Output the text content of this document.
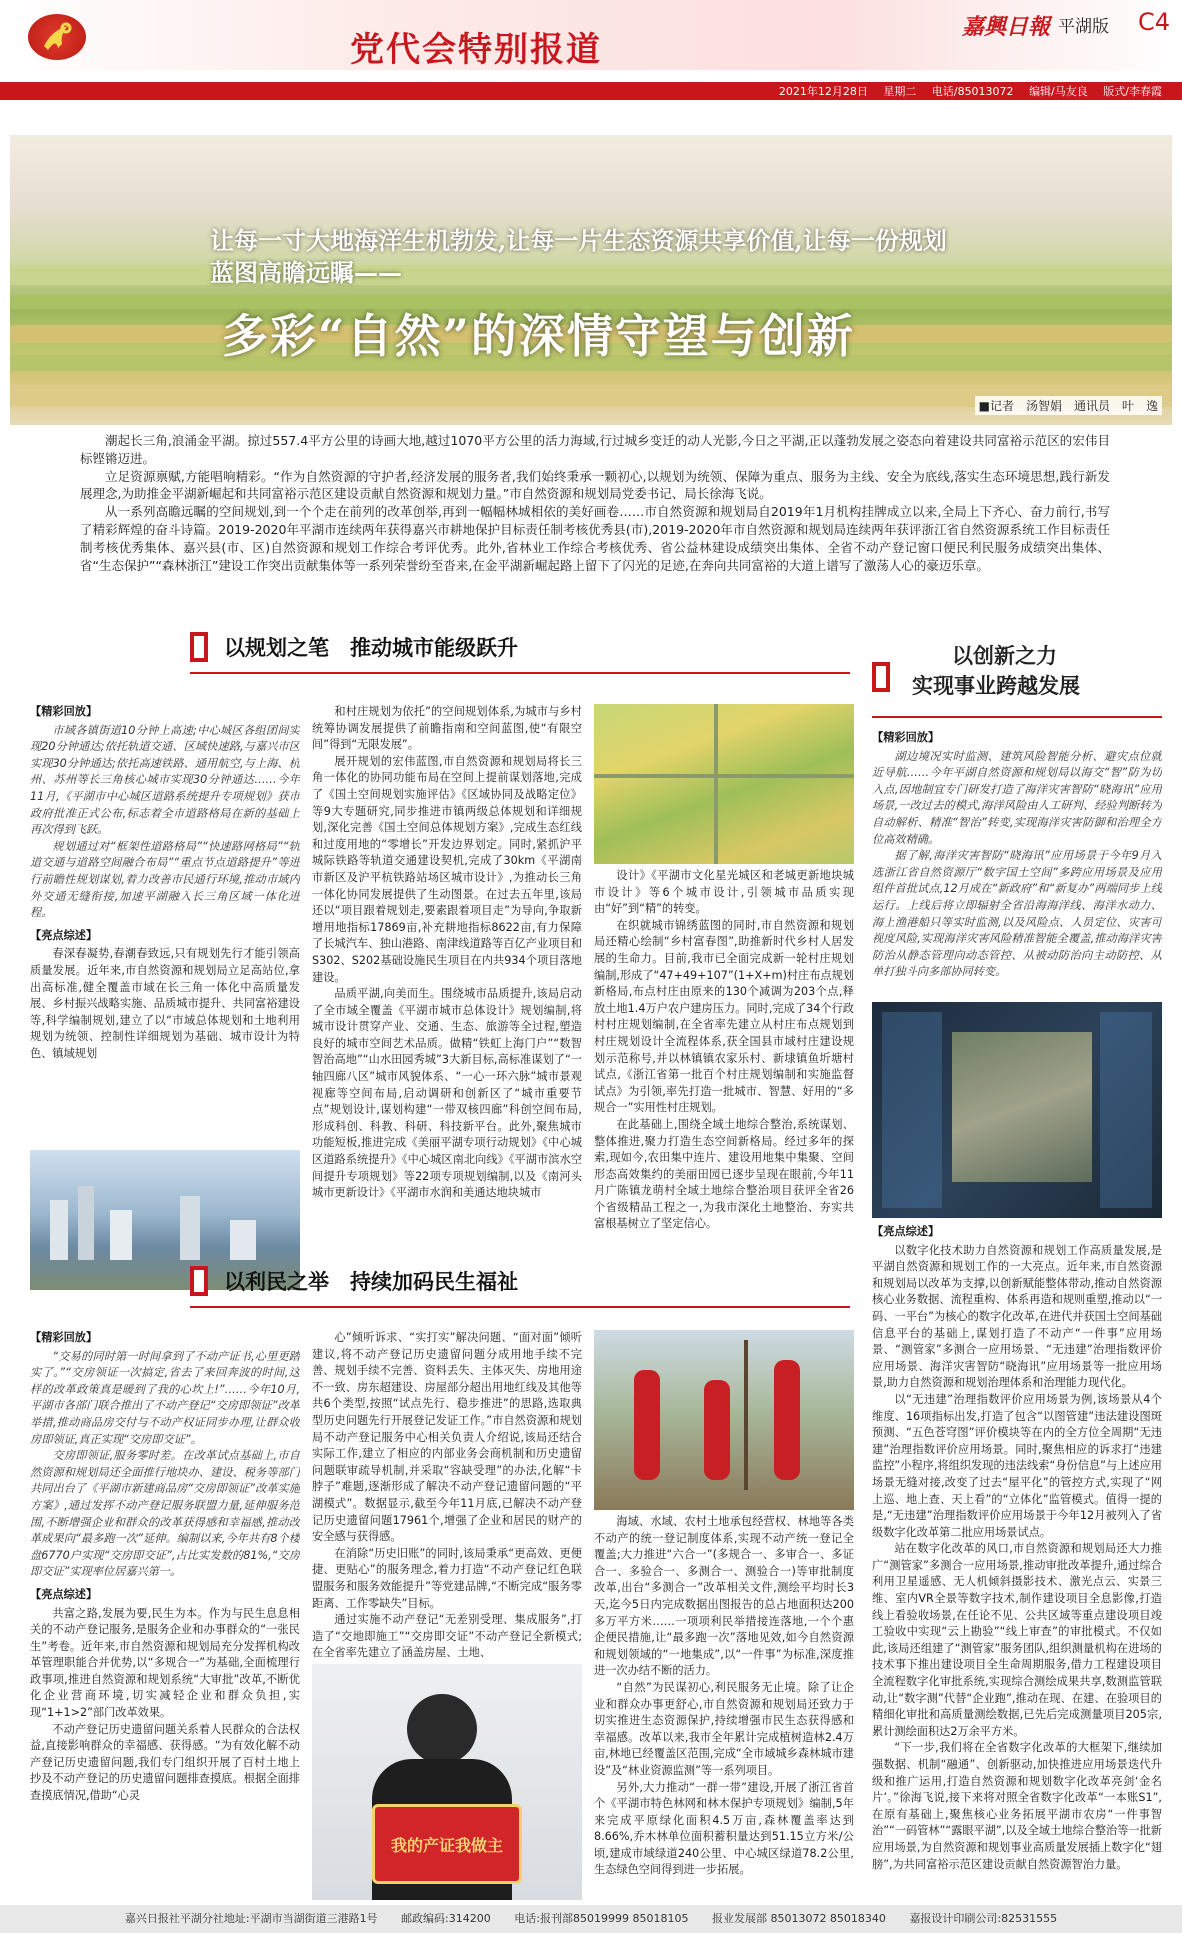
党代会特别报道
嘉興日報 平湖版 C4
2021年12月28日 星期二 电话/85013072 编辑/马友良 版式/李春霞
让每一寸大地海洋生机勃发,让每一片生态资源共享价值,让每一份规划蓝图高瞻远瞩——
多彩“自然”的深情守望与创新
■记者　汤智娟　通讯员　叶　逸

潮起长三角,浪涌金平湖。掠过557.4平方公里的诗画大地,越过1070平方公里的活力海域,行过城乡变迁的动人光影,今日之平湖,正以蓬勃发展之姿态向着建设共同富裕示范区的宏伟目标铿锵迈进。

立足资源禀赋,方能唱响精彩。“作为自然资源的守护者,经济发展的服务者,我们始终秉承一颗初心,以规划为统领、保障为重点、服务为主线、安全为底线,落实生态环境思想,践行新发展理念,为助推金平湖新崛起和共同富裕示范区建设贡献自然资源和规划力量。”市自然资源和规划局党委书记、局长徐海飞说。

从一系列高瞻远瞩的空间规划,到一个个走在前列的改革创举,再到一幅幅林城相依的美好画卷……市自然资源和规划局自2019年1月机构挂牌成立以来,全局上下齐心、奋力前行,书写了精彩辉煌的奋斗诗篇。2019-2020年平湖市连续两年获得嘉兴市耕地保护目标责任制考核优秀县(市),2019-2020年市自然资源和规划局连续两年获评浙江省自然资源系统工作目标责任制考核优秀集体、嘉兴县(市、区)自然资源和规划工作综合考评优秀。此外,省林业工作综合考核优秀、省公益林建设成绩突出集体、全省不动产登记窗口便民利民服务成绩突出集体、省“生态保护”“森林浙江”建设工作突出贡献集体等一系列荣誉纷至沓来,在金平湖新崛起路上留下了闪光的足迹,在奔向共同富裕的大道上谱写了激荡人心的豪迈乐章。

以规划之笔　推动城市能级跃升
【精彩回放】

市域各镇街道10分钟上高速;中心城区各组团间实现20分钟通达;依托轨道交通、区域快速路,与嘉兴市区实现30分钟通达;依托高速铁路、通用航空,与上海、杭州、苏州等长三角核心城市实现30分钟通达……今年11月,《平湖市中心城区道路系统提升专项规划》获市政府批准正式公布,标志着全市道路格局在新的基础上再次得到飞跃。

规划通过对“框架性道路格局”“快速路网格局”“轨道交通与道路空间融合布局”“重点节点道路提升”等进行前瞻性规划谋划,着力改善市民通行环境,推动市域内外交通无缝衔接,加速平湖融入长三角区域一体化进程。

【亮点综述】

春深春凝势,春潮春致远,只有规划先行才能引领高质量发展。近年来,市自然资源和规划局立足高站位,拿出高标准,健全覆盖市域在长三角一体化中高质量发展、乡村振兴战略实施、品质城市提升、共同富裕建设等,科学编制规划,建立了以“市域总体规划和土地利用规划为统领、控制性详细规划为基础、城市设计为特色、镇域规划

和村庄规划为依托”的空间规划体系,为城市与乡村统筹协调发展提供了前瞻指南和空间蓝图,使“有限空间”得到“无限发展”。

展开规划的宏伟蓝图,市自然资源和规划局将长三角一体化的协同功能布局在空间上提前谋划落地,完成了《国土空间规划实施评估》《区域协同及战略定位》等9大专题研究,同步推进市镇两级总体规划和详细规划,深化完善《国土空间总体规划方案》,完成生态红线和过度用地的“零增长”开发边界划定。同时,紧抓沪平城际铁路等轨道交通建设契机,完成了30km《平湖南市新区及沪平杭铁路站场区城市设计》,为推动长三角一体化协同发展提供了生动图景。在过去五年里,该局还以“项目跟着规划走,要素跟着项目走”为导向,争取新增用地指标17869亩,补充耕地指标8622亩,有力保障了长城汽车、独山港路、南津线道路等百亿产业项目和S302、S202基础设施民生项目在内共934个项目落地建设。

品质平湖,向美而生。围绕城市品质提升,该局启动了全市域全覆盖《平湖市城市总体设计》规划编制,将城市设计贯穿产业、交通、生态、旅游等全过程,塑造良好的城市空间艺术品质。做精“铁虹上海门户”“数智智治高地”“山水田园秀城”3大新目标,高标准谋划了“一轴四廊八区”城市风貌体系、“一心一环六脉”城市景观视廊等空间布局,启动调研和创新区了“城市重要节点”规划设计,谋划构建“一带双核四廊”科创空间布局,形成科创、科教、科研、科技新平台。此外,聚焦城市功能短板,推进完成《美丽平湖专项行动规划》《中心城区道路系统提升》《中心城区南北向线》《平湖市滨水空间提升专项规划》等22项专项规划编制,以及《南河头城市更新设计》《平湖市水润和美通达地块城市

设计》《平湖市文化星光城区和老城更新地块城市设计》等6个城市设计,引领城市品质实现由“好”到“精”的转变。

在织就城市锦绣蓝图的同时,市自然资源和规划局还精心绘制“乡村富春图”,助推新时代乡村人居发展的生命力。目前,我市已全面完成新一轮村庄规划编制,形成了“47+49+107”(1+X+m)村庄布点规划新格局,布点村庄由原来的130个减调为203个点,释放土地1.4万户农户建房压力。同时,完成了34个行政村村庄规划编制,在全省率先建立从村庄布点规划到村庄规划设计全流程体系,获全国县市域村庄建设规划示范称号,并以林镇镇农家乐村、新埭镇鱼圻塘村试点,《浙江省第一批百个村庄规划编制和实施监督试点》为引领,率先打造一批城市、智慧、好用的“多规合一”实用性村庄规划。

在此基础上,围绕全域土地综合整治,系统谋划、整体推进,聚力打造生态空间新格局。经过多年的探索,现如今,农田集中连片、建设用地集中集聚、空间形态高效集约的美丽田园已逐步呈现在眼前,今年11月广陈镇龙萌村全域土地综合整治项目获评全省26个省级精品工程之一,为我市深化土地整治、夯实共富根基树立了坚定信心。

以利民之举　持续加码民生福祉
【精彩回放】

“交易的同时第一时间拿到了不动产证书,心里更踏实了。”“交房领证一次搞定,省去了来回奔波的时间,这样的改革政策真是暖到了我的心坎上!”……今年10月,平湖市各部门联合推出了不动产登记“交房即领证”改革举措,推动商品房交付与不动产权证同步办理,让群众收房即领证,真正实现“交房即交证”。

交房即领证,服务零时差。在改革试点基础上,市自然资源和规划局还全面推行地块办、建设、税务等部门共同出台了《平湖市新建商品房“交房即领证”改革实施方案》,通过发挥不动产登记服务联盟力量,延伸服务范围,不断增强企业和群众的改革获得感和幸福感,推动改革成果向“最多跑一次”延伸。编制以来,今年共有8个楼盘6770户实现“交房即交证”,占比实发数的81%,“交房即交证”实现率位居嘉兴第一。

【亮点综述】

共富之路,发展为要,民生为本。作为与民生息息相关的不动产登记服务,是服务企业和办事群众的“一张民生”考卷。近年来,市自然资源和规划局充分发挥机构改革管理职能合并优势,以“多规合一”为基础,全面梳理行政事项,推进自然资源和规划系统“大审批”改革,不断优化企业营商环境,切实减轻企业和群众负担,实现“1+1>2”部门改革效果。

不动产登记历史遗留问题关系着人民群众的合法权益,直接影响群众的幸福感、获得感。“为有效化解不动产登记历史遗留问题,我们专门组织开展了百村土地上抄及不动产登记的历史遗留问题排查摸底。根据全面排查摸底情况,借助“心灵

心”倾听诉求、“实打实”解决问题、“面对面”倾听建议,将不动产登记历史遗留问题分成用地手续不完善、规划手续不完善、资料丢失、主体灭失、房地用途不一致、房东超建设、房屋部分超出用地红线及其他等共6个类型,按照“试点先行、稳步推进”的思路,选取典型历史问题先行开展登记发证工作。”市自然资源和规划局不动产登记服务中心相关负责人介绍说,该局还结合实际工作,建立了相应的内部业务会商机制和历史遗留问题联审疏导机制,并采取“容缺受理”的办法,化解“卡脖子”难题,逐渐形成了解决不动产登记遗留问题的“平湖模式”。数据显示,截至今年11月底,已解决不动产登记历史遗留问题17961个,增强了企业和居民的财产的安全感与获得感。

在消除“历史旧账”的同时,该局秉承“更高效、更便捷、更贴心”的服务理念,着力打造“不动产登记红色联盟服务和服务效能提升”等党建品牌,“不断完成“服务零距离、工作零缺失”目标。

通过实施不动产登记“无差别受理、集成服务”,打造了“交地即施工”“交房即交证”不动产登记全新模式;在全省率先建立了涵盖房屋、土地、

我的产证我做主

海域、水域、农村土地承包经营权、林地等各类不动产的统一登记制度体系,实现不动产统一登记全覆盖;大力推进“六合一”(多规合一、多审合一、多证合一、多验合一、多测合一、测验合一)等审批制度改革,出台“多测合一”改革相关文件,测绘平均时长3天,迄今5日内完成数据出图报告的总占地面积达200多万平方米……一项项利民举措接连落地,一个个惠企便民措施,让“最多跑一次”落地见效,如今自然资源和规划领域的“一地集成”,以“一件事”为标准,深度推进一次办结不断的活力。

“自然”为民谋初心,利民服务无止境。除了让企业和群众办事更舒心,市自然资源和规划局还致力于切实推进生态资源保护,持续增强市民生态获得感和幸福感。改革以来,我市全年累计完成植树造林2.4万亩,林地已经覆盖区范围,完成“全市域城乡森林城市建设”及“林业资源监测”等一系列项目。

另外,大力推动“一群一带”建设,开展了浙江省首个《平湖市特色林网和林木保护专项规划》编制,5年来完成平原绿化面积4.5万亩,森林覆盖率达到8.66%,乔木林单位面积蓄积量达到51.15立方米/公顷,建成市域绿道240公里、中心城区绿道78.2公里,生态绿色空间得到进一步拓展。

以创新之力
实现事业跨越发展
【精彩回放】

湖边境况实时监测、建筑风险智能分析、避灾点位就近导航……今年平湖自然资源和规划局以海交“智”防为切入点,因地制宜专门研发打造了海洋灾害智防“晓海讯”应用场景,一改过去的模式,海洋风险由人工研判、经验判断转为自动解析、精准“智治”转变,实现海洋灾害防御和治理全方位高效精确。

据了解,海洋灾害智防“晓海讯”应用场景于今年9月入选浙江省自然资源厅“数字国土空间”多跨应用场景及应用组件首批试点,12月成在“新政府”和“新复办”两端同步上线运行。上线后将立即辐射全省沿海海洋线、海洋水动力、海上渔港船只等实时监测,以及风险点、人员定位、灾害可视度风险,实现海洋灾害风险精准智能全覆盖,推动海洋灾害防治从静态管理向动态管控、从被动防治向主动防控、从单打独斗向多部协同转变。

【亮点综述】

以数字化技术助力自然资源和规划工作高质量发展,是平湖自然资源和规划工作的一大亮点。近年来,市自然资源和规划局以改革为支撑,以创新赋能整体带动,推动自然资源核心业务数据、流程重构、体系再造和规则重塑,推动以“一码、一平台”为核心的数字化改革,在进代并获国土空间基础信息平台的基础上,谋划打造了不动产“一件事”应用场景、“测管家”多测合一应用场景、“无违建”治理指数评价应用场景、海洋灾害智防“晓海讯”应用场景等一批应用场景,助力自然资源和规划治理体系和治理能力现代化。

以“无违建”治理指数评价应用场景为例,该场景从4个维度、16项指标出发,打造了包含“以图管建”违法建设图斑预测、“五色苍穹图”评价模块等在内的全方位全周期“无违建”治理指数评价应用场景。同时,聚焦相应的诉求打“违建监控”小程序,将组织发现的违法线索“身份信息”与上述应用场景无缝对接,改变了过去“屋平化”的管控方式,实现了“网上巡、地上查、天上看”的“立体化”监管模式。值得一提的是,“无违建”治理指数评价应用场景于今年12月被列入了省级数字化改革第二批应用场景试点。

站在数字化改革的风口,市自然资源和规划局还大力推广“测管家”多测合一应用场景,推动审批改革提升,通过综合利用卫星遥感、无人机倾斜摄影技术、激光点云、实景三维、室内VR全景等数字技术,制作建设项目全息影像,打造线上看验收场景,在任论不见、公共区域等重点建设项目竣工验收中实现“云上勘验”“线上审查”的审批模式。不仅如此,该局还组建了“测管家”服务团队,组织测量机构在进场的技术事下推出建设项目全生命周期服务,借力工程建设项目全流程数字化审批系统,实现综合测绘成果共享,数测监管联动,让“数字测”代替“企业跑”,推动在现、在建、在验项目的精细化审批和高质量测绘数据,已先后完成测量项目205宗,累计测绘面积达2万余平方米。

“下一步,我们将在全省数字化改革的大框架下,继续加强数据、机制“融通”、创新驱动,加快推进应用场景迭代升级和推广运用,打造自然资源和规划数字化改革亮剑‘金名片’。”徐海飞说,接下来将对照全省数字化改革“一本账S1”,在原有基础上,聚焦核心业务拓展平湖市农房“一件事智治”“一码管林”“露眼平湖”,以及全域土地综合整治等一批新应用场景,为自然资源和规划事业高质量发展插上数字化“翅膀”,为共同富裕示范区建设贡献自然资源智治力量。

嘉兴日报社平湖分社地址:平湖市当湖街道三港路1号 邮政编码:314200 电话:报刊部85019999 85018105 报业发展部 85013072 85018340 嘉报设计印刷公司:82531555
